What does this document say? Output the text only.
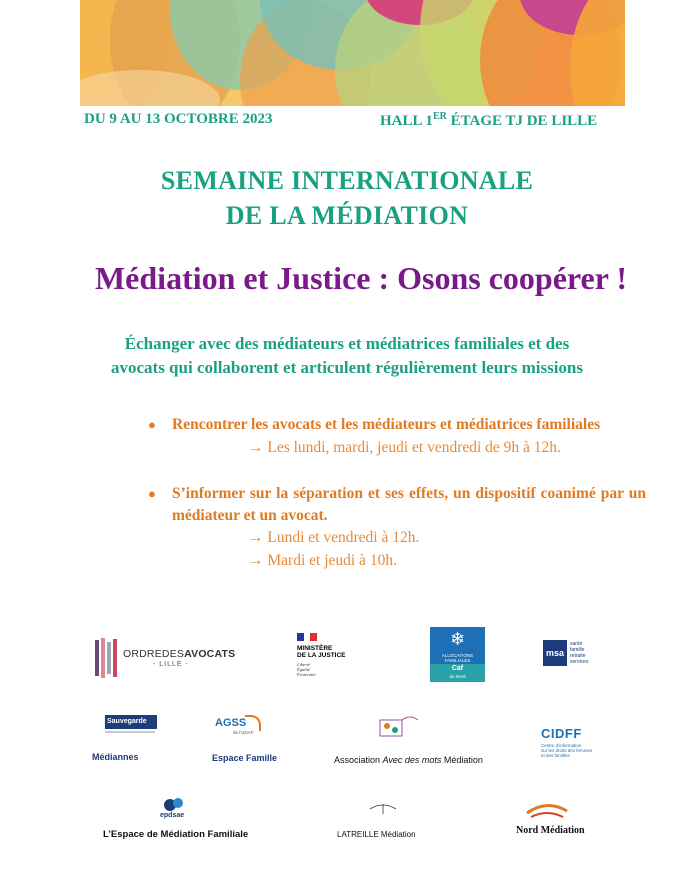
DU 9 AU 13 OCTOBRE 2023	HALL 1ER ÉTAGE TJ DE LILLE
SEMAINE INTERNATIONALE
DE LA MÉDIATION
Médiation et Justice : Osons coopérer !
Échanger avec des médiateurs et médiatrices familiales et des
avocats qui collaborent et articulent régulièrement leurs missions
●	Rencontrer les avocats et les médiateurs et médiatrices familiales
→ Les lundi, mardi, jeudi et vendredi de 9h à 12h.
●	S’informer sur la séparation et ses effets, un dispositif coanimé par un médiateur et un avocat.
→ Lundi et vendredi à 12h.
→ Mardi et jeudi à 10h.
ORDREDESAVOCATS
- LILLE -
MINISTÈRE
DE LA JUSTICE
Liberté
Égalité
Fraternité
❄
ALLOCATIONS
FAMILIALES
Caf
du Nord
msa
santé
famille
retraite
services
Sauvegarde
Médiannes
AGSS
de l'UDAF
Espace Famille	Association Avec des mots Médiation
CIDFF
Centre d'information
sur les droits des femmes
et des familles
epdsae
L’Espace de Médiation Familiale	LATREILLE Médiation	Nord Médiation
